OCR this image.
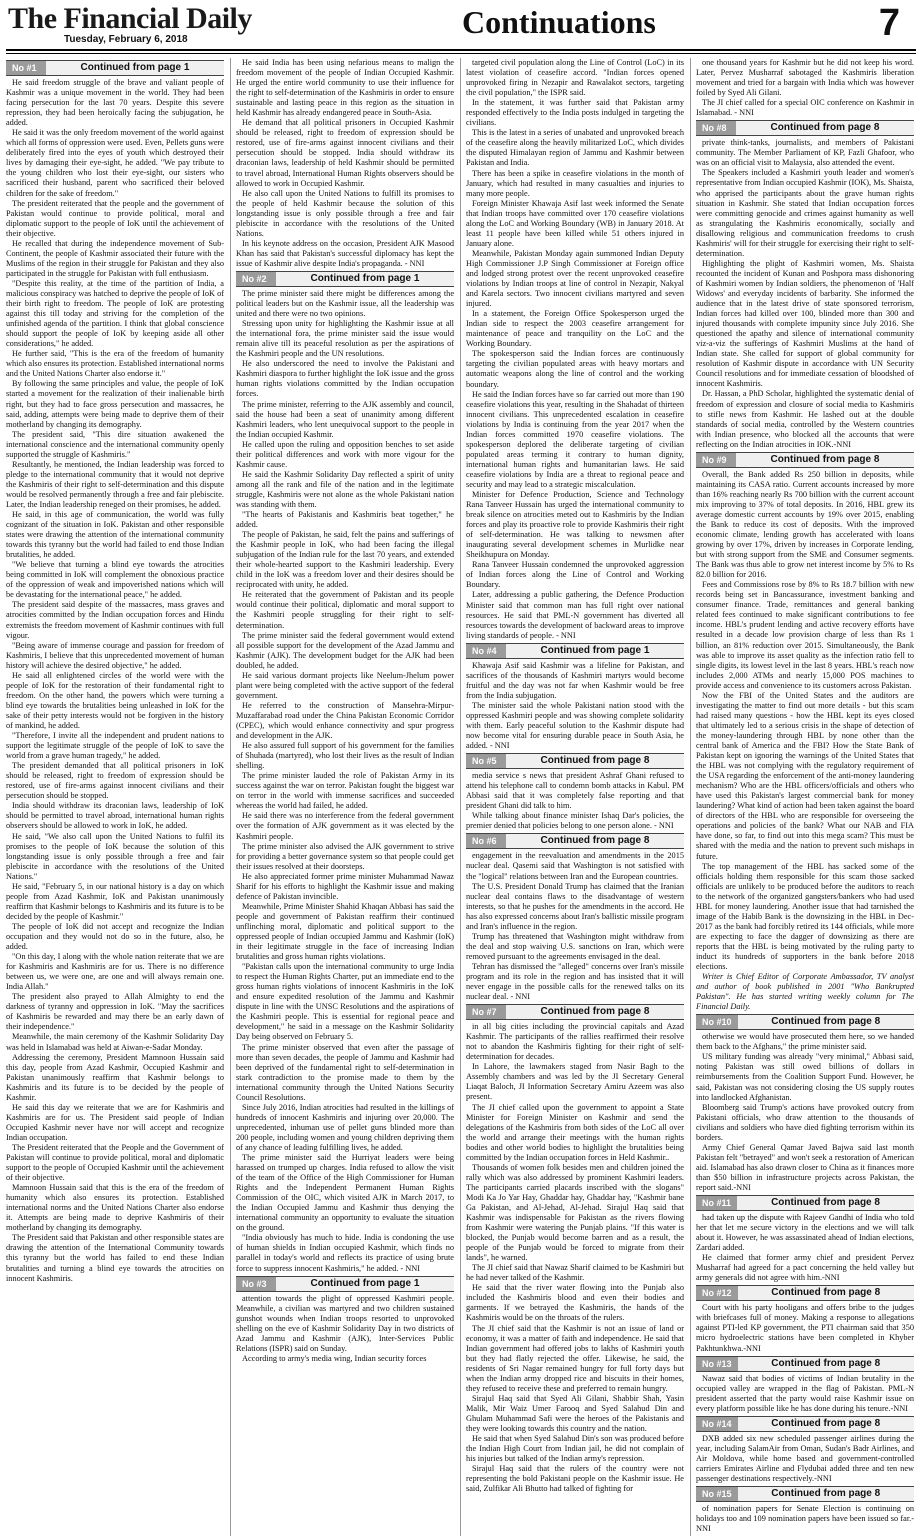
The Financial Daily
Tuesday, February 6, 2018	Continuations	7
No #1	Continued from page 1

He said freedom struggle of the brave and valiant people of Kashmir was a unique movement in the world. They had been facing persecution for the last 70 years. Despite this severe repression, they had been heroically facing the subjugation, he added.

He said it was the only freedom movement of the world against which all forms of oppression were used. Even, Pellets guns were deliberately fired into the eyes of youth which destroyed their lives by damaging their eye-sight, he added. "We pay tribute to the young children who lost their eye-sight, our sisters who sacrificed their husband, parent who sacrificed their beloved children for the sake of freedom."

The president reiterated that the people and the government of Pakistan would continue to provide political, moral and diplomatic support to the people of IoK until the achievement of their objective.

He recalled that during the independence movement of Sub-Continent, the people of Kashmir associated their future with the Muslims of the region in their struggle for Pakistan and they also participated in the struggle for Pakistan with full enthusiasm.

"Despite this reality, at the time of the partition of India, a malicious conspiracy was hatched to deprive the people of IoK of their birth right to freedom. The people of IoK are protesting against this till today and striving for the completion of the unfinished agenda of the partition. I think that global conscience should support the people of IoK by keeping aside all other considerations," he added.

He further said, "This is the era of the freedom of humanity which also ensures its protection. Established international norms and the United Nations Charter also endorse it."

By following the same principles and value, the people of IoK started a movement for the realization of their inalienable birth right, but they had to face gross persecution and massacres, he said, adding, attempts were being made to deprive them of their motherland by changing its demography.

The president said, "This dire situation awakened the international conscience and the international community openly supported the struggle of Kashmiris."

Resultantly, he mentioned, the Indian leadership was forced to pledge to the international community that it would not deprive the Kashmiris of their right to self-determination and this dispute would be resolved permanently through a free and fair plebiscite. Later, the Indian leadership reneged on their promises, he added.

He said, in this age of communication, the world was fully cognizant of the situation in IoK. Pakistan and other responsible states were drawing the attention of the international community towards this tyranny but the world had failed to end those Indian brutalities, he added.

"We believe that turning a blind eye towards the atrocities being committed in IoK will complement the obnoxious practice of the oppression of weak and impoverished nations which will be devastating for the international peace," he added.

The president said despite of the massacres, mass graves and atrocities committed by the Indian occupation forces and Hindu extremists the freedom movement of Kashmir continues with full vigour.

"Being aware of immense courage and passion for freedom of Kashmiris, I believe that this unprecedented movement of human history will achieve the desired objective," he added.

He said all enlightened circles of the world were with the people of IoK for the restoration of their fundamental right to freedom. On the other hand, the powers which were turning a blind eye towards the brutalities being unleashed in IoK for the sake of their petty interests would not be forgiven in the history of mankind, he added.

"Therefore, I invite all the independent and prudent nations to support the legitimate struggle of the people of IoK to save the world from a grave human tragedy," he added.

The president demanded that all political prisoners in IoK should be released, right to freedom of expression should be restored, use of fire-arms against innocent civilians and their persecution should be stopped.

India should withdraw its draconian laws, leadership of IoK should be permitted to travel abroad, international human rights observers should be allowed to work in IoK, he added.

He said, "We also call upon the United Nations to fulfil its promises to the people of IoK because the solution of this longstanding issue is only possible through a free and fair plebiscite in accordance with the resolutions of the United Nations."

He said, "February 5, in our national history is a day on which people from Azad Kashmir, IoK and Pakistan unanimously reaffirm that Kashmir belongs to Kashmiris and its future is to be decided by the people of Kashmir."

The people of IoK did not accept and recognize the Indian occupation and they would not do so in the future, also, he added.

"On this day, I along with the whole nation reiterate that we are for Kashmiris and Kashmiris are for us. There is no difference between us, we were one, are one and will always remain one. India Allah."

The president also prayed to Allah Almighty to end the darkness of tyranny and oppression in IoK. "May the sacrifices of Kashmiris be rewarded and may there be an early dawn of their independence."

Meanwhile, the main ceremony of the Kashmir Solidarity Day was held in Islamabad was held at Aiwan-e-Sadar Monday.

Addressing the ceremony, President Mamnoon Hussain said this day, people from Azad Kashmir, Occupied Kashmir and Pakistan unanimously reaffirm that Kashmir belongs to Kashmiris and its future is to be decided by the people of Kashmir.

He said this day we reiterate that we are for Kashmiris and Kashmiris are for us. The President said people of Indian Occupied Kashmir never have nor will accept and recognize Indian occupation.

The President reiterated that the People and the Government of Pakistan will continue to provide political, moral and diplomatic support to the people of Occupied Kashmir until the achievement of their objective.

Mamnoon Hussain said that this is the era of the freedom of humanity which also ensures its protection. Established international norms and the United Nations Charter also endorse it. Attempts are being made to deprive Kashmiris of their motherland by changing its demography.

The President said that Pakistan and other responsible states are drawing the attention of the International Community towards this tyranny but the world has failed to end these Indian brutalities and turning a blind eye towards the atrocities on innocent Kashmiris.

He said India has been using nefarious means to malign the freedom movement of the people of Indian Occupied Kashmir. He urged the entire world community to use their influence for the right to self-determination of the Kashmiris in order to ensure sustainable and lasting peace in this region as the situation in held Kashmir has already endangered peace in South-Asia.

He demand that all political prisoners in Occupied Kashmir should be released, right to freedom of expression should be restored, use of fire-arms against innocent civilians and their persecution should be stopped. India should withdraw its draconian laws, leadership of held Kashmir should be permitted to travel abroad, International Human Rights observers should be allowed to work in Occupied Kashmir.

He also call upon the United Nations to fulfill its promises to the people of held Kashmir because the solution of this longstanding issue is only possible through a free and fair plebiscite in accordance with the resolutions of the United Nations.

In his keynote address on the occasion, President AJK Masood Khan has said that Pakistan's successful diplomacy has kept the issue of Kashmir alive despite India's propaganda. - NNI

No #2	Continued from page 1

The prime minister said there might be differences among the political leaders but on the Kashmir issue, all the leadership was united and there were no two opinions.

Stressing upon unity for highlighting the Kashmir issue at all the international fora, the prime minister said the issue would remain alive till its peaceful resolution as per the aspirations of the Kashmiri people and the UN resolutions.

He also underscored the need to involve the Pakistani and Kashmiri diaspora to further highlight the IoK issue and the gross human rights violations committed by the Indian occupation forces.

The prime minister, referring to the AJK assembly and council, said the house had been a seat of unanimity among different Kashmiri leaders, who lent unequivocal support to the people in the Indian occupied Kashmir.

He called upon the ruling and opposition benches to set aside their political differences and work with more vigour for the Kashmir cause.

He said the Kashmir Solidarity Day reflected a spirit of unity among all the rank and file of the nation and in the legitimate struggle, Kashmiris were not alone as the whole Pakistani nation was standing with them.

"The hearts of Pakistanis and Kashmiris beat together," he added.

The people of Pakistan, he said, felt the pains and sufferings of the Kashmir people in IoK, who had been facing the illegal subjugation of the Indian rule for the last 70 years, and extended their whole-hearted support to the Kashmiri leadership. Every child in the IoK was a freedom lover and their desires should be reciprocated with unity, he added.

He reiterated that the government of Pakistan and its people would continue their political, diplomatic and moral support to the Kashmiri people struggling for their right to self-determination.

The prime minister said the federal government would extend all possible support for the development of the Azad Jammu and Kashmir (AJK). The development budget for the AJK had been doubled, he added.

He said various dormant projects like Neelum-Jhelum power plant were being completed with the active support of the federal government.

He referred to the construction of Mansehra-Mirpur-Muzaffarabad road under the China Pakistan Economic Corridor (CPEC), which would enhance connectivity and spur progress and development in the AJK.

He also assured full support of his government for the families of Shuhada (martyred), who lost their lives as the result of Indian shelling.

The prime minister lauded the role of Pakistan Army in its success against the war on terror. Pakistan fought the biggest war on terror in the world with immense sacrifices and succeeded whereas the world had failed, he added.

He said there was no interference from the federal government over the formation of AJK government as it was elected by the Kashmiri people.

The prime minister also advised the AJK government to strive for providing a better governance system so that people could get their issues resolved at their doorsteps.

He also appreciated former prime minister Muhammad Nawaz Sharif for his efforts to highlight the Kashmir issue and making defence of Pakistan invincible.

Meanwhile, Prime Minister Shahid Khaqan Abbasi has said the people and government of Pakistan reaffirm their continued unflinching moral, diplomatic and political support to the oppressed people of Indian occupied Jammu and Kashmir (IoK) in their legitimate struggle in the face of increasing Indian brutalities and gross human rights violations.

"Pakistan calls upon the international community to urge India to respect the Human Rights Charter, put an immediate end to the gross human rights violations of innocent Kashmiris in the IoK and ensure expedited resolution of the Jammu and Kashmir dispute in line with the UNSC Resolutions and the aspirations of the Kashmiri people. This is essential for regional peace and development," he said in a message on the Kashmir Solidarity Day being observed on February 5.

The prime minister observed that even after the passage of more than seven decades, the people of Jammu and Kashmir had been deprived of the fundamental right to self-determination in stark contradiction to the promise made to them by the international community through the United Nations Security Council Resolutions.

Since July 2016, Indian atrocities had resulted in the killings of hundreds of innocent Kashmiris and injuring over 20,000. The unprecedented, inhuman use of pellet guns blinded more than 200 people, including women and young children depriving them of any chance of leading fulfilling lives, he added.

The prime minister said the Hurriyat leaders were being harassed on trumped up charges. India refused to allow the visit of the team of the Office of the High Commissioner for Human Rights and the Independent Permanent Human Rights Commission of the OIC, which visited AJK in March 2017, to the Indian Occupied Jammu and Kashmir thus denying the international community an opportunity to evaluate the situation on the ground.

"India obviously has much to hide. India is condoning the use of human shields in Indian occupied Kashmir, which finds no parallel in today's world and reflects its practice of using brute force to suppress innocent Kashmiris," he added. - NNI

No #3	Continued from page 1

attention towards the plight of oppressed Kashmiri people. Meanwhile, a civilian was martyred and two children sustained gunshot wounds when Indian troops resorted to unprovoked shelling on the eve of Kashmir Solidarity Day in two districts of Azad Jammu and Kashmir (AJK), Inter-Services Public Relations (ISPR) said on Sunday.

According to army's media wing, Indian security forces

targeted civil population along the Line of Control (LoC) in its latest violation of ceasefire accord. "Indian forces opened unprovoked firing in Nezapir and Rawalakot sectors, targeting the civil population," the ISPR said.

In the statement, it was further said that Pakistan army responded effectively to the India posts indulged in targeting the civilians.

This is the latest in a series of unabated and unprovoked breach of the ceasefire along the heavily militarized LoC, which divides the disputed Himalayan region of Jammu and Kashmir between Pakistan and India.

There has been a spike in ceasefire violations in the month of January, which had resulted in many casualties and injuries to many more people.

Foreign Minister Khawaja Asif last week informed the Senate that Indian troops have committed over 170 ceasefire violations along the LoC and Working Boundary (WB) in January 2018. At least 11 people have been killed while 51 others injured in January alone.

Meanwhile, Pakistan Monday again summoned Indian Deputy High Commissioner J.P Singh Commissioner at Foreign office and lodged strong protest over the recent unprovoked ceasefire violations by Indian troops at line of control in Nezapir, Nakyal and Karela sectors. Two innocent civilians martyred and seven injured.

In a statement, the Foreign Office Spokesperson urged the Indian side to respect the 2003 ceasefire arrangement for maintenance of peace and tranquility on the LoC and the Working Boundary.

The spokesperson said the Indian forces are continuously targeting the civilian populated areas with heavy mortars and automatic weapons along the line of control and the working boundary.

He said the Indian forces have so far carried out more than 190 ceasefire violations this year, resulting in the Shahadat of thirteen innocent civilians. This unprecedented escalation in ceasefire violations by India is continuing from the year 2017 when the Indian forces committed 1970 ceasefire violations. The spokesperson deplored the deliberate targeting of civilian populated areas terming it contrary to human dignity, international human rights and humanitarian laws. He said ceasefire violations by India are a threat to regional peace and security and may lead to a strategic miscalculation.

Minister for Defence Production, Science and Technology Rana Tanveer Hussain has urged the international community to break silence on atrocities meted out to Kashmiris by the Indian forces and play its proactive role to provide Kashmiris their right of self-determination. He was talking to newsmen after inaugurating several development schemes in Murlidke near Sheikhupura on Monday.

Rana Tanveer Hussain condemned the unprovoked aggression of Indian forces along the Line of Control and Working Boundary.

Later, addressing a public gathering, the Defence Production Minister said that common man has full right over national resources. He said that PML-N government has diverted all resources towards the development of backward areas to improve living standards of people. - NNI

No #4	Continued from page 1

Khawaja Asif said Kashmir was a lifeline for Pakistan, and sacrifices of the thousands of Kashmiri martyrs would become fruitful and the day was not far when Kashmir would be free from the India subjugation.

The minister said the whole Pakistani nation stood with the oppressed Kashmiri people and was showing complete solidarity with them. Early peaceful solution to the Kashmir dispute had now become vital for ensuring durable peace in South Asia, he added. - NNI

No #5	Continued from page 8

media service s news that president Ashraf Ghani refused to attend his telephone call to condemn bomb attacks in Kabul. PM Abbasi said that it was completely false reporting and that president Ghani did talk to him.

While talking about finance minister Ishaq Dar's policies, the premier denied that policies belong to one person alone. - NNI

No #6	Continued from page 8

engagement in the reevaluation and amendments in the 2015 nuclear deal. Qasemi said that Washington is not satisfied with the "logical" relations between Iran and the European countries.

The U.S. President Donald Trump has claimed that the Iranian nuclear deal contains flaws to the disadvantage of western interests, so that he pushes for the amendments in the accord. He has also expressed concerns about Iran's ballistic missile program and Iran's influence in the region.

Trump has threatened that Washington might withdraw from the deal and stop waiving U.S. sanctions on Iran, which were removed pursuant to the agreements envisaged in the deal.

Tehran has dismissed the "alleged" concerns over Iran's missile program and its role in the region and has insisted that it will never engage in the possible calls for the renewed talks on its nuclear deal. - NNI

No #7	Continued from page 8

in all big cities including the provincial capitals and Azad Kashmir. The participants of the rallies reaffirmed their resolve not to abandon the Kashmiris fighting for their right of self-determination for decades.

In Lahore, the lawmakers staged from Nasir Bagh to the Assembly chambers and was led by the JI Secretary General Liaqat Baloch, JI Information Secretary Amiru Azeem was also present.

The JI chief called upon the government to appoint a State Minister for Foreign Minister on Kashmir and send the delegations of the Kashmiris from both sides of the LoC all over the world and arrange their meetings with the human rights bodies and other world bodies to highlight the brutalities being committed by the Indian occupation forces in Held Kashmir..

Thousands of women folk besides men and children joined the rally which was also addressed by prominent Kashmiri leaders. The participants carried placards inscribed with the slogans" Modi Ka Jo Yar Hay, Ghaddar hay, Ghaddar hay, "Kashmir bane Ga Pakistan, and Al-Jehad, Al-Jehad. Sirajul Haq said that Kashmir was indispensable for Pakistan as the rivers flowing from Kashmir were watering the Punjab plains. "If this water is blocked, the Punjab would become barren and as a result, the people of the Punjab would be forced to migrate from their lands", he warned.

The JI chief said that Nawaz Sharif claimed to be Kashmiri but he had never talked of the Kashmir.

He said that the river water flowing into the Punjab also included the Kashmiris blood and even their bodies and garments. If we betrayed the Kashmiris, the hands of the Kashmiris would be on the throats of the rulers.

The JI chief said that the Kashmir is not an issue of land or economy, it was a matter of faith and independence. He said that Indian government had offered jobs to lakhs of Kashmiri youth but they had flatly rejected the offer. Likewise, he said, the residents of Sri Nagar remained hungry for full forty days but when the Indian army dropped rice and biscuits in their homes, they refused to receive these and preferred to remain hungry.

Sirajul Haq said that Syed Ali Gilani, Shabbir Shah, Yasin Malik, Mir Waiz Umer Farooq and Syed Salahud Din and Ghulam Muhammad Safi were the heroes of the Pakistanis and they were looking towards this country and the nation.

He said that when Syed Salahud Din's son was produced before the Indian High Court from Indian jail, he did not complain of his injuries but talked of the Indian army's repression.

Sirajul Haq said that the rulers of the country were not representing the bold Pakistani people on the Kashmir issue. He said, Zulfikar Ali Bhutto had talked of fighting for

one thousand years for Kashmir but he did not keep his word. Later, Pervez Musharraf sabotaged the Kashmiris liberation movement and tried for a bargain with India which was however foiled by Syed Ali Gilani.

The JI chief called for a special OIC conference on Kashmir in Islamabad. - NNI

No #8	Continued from page 8

private think-tanks, journalists, and members of Pakistani community. The Member Parliament of KP, Fazli Ghafoor, who was on an official visit to Malaysia, also attended the event.

The Speakers included a Kashmiri youth leader and women's representative from Indian occupied Kashmir (IOK), Ms. Shaista, who apprised the participants about the grave human rights situation in Kashmir. She stated that Indian occupation forces were committing genocide and crimes against humanity as well as strangulating the Kashmiris economically, socially and disallowing religious and communication freedoms to crush Kashmiris' will for their struggle for exercising their right to self-determination.

Highlighting the plight of Kashmiri women, Ms. Shaista recounted the incident of Kunan and Poshpora mass dishonoring of Kashmiri women by Indian soldiers, the phenomenon of 'Half Widows' and everyday incidents of barbarity. She informed the audience that in the latest drive of state sponsored terrorism, Indian forces had killed over 100, blinded more than 300 and injured thousands with complete impunity since July 2016. She questioned the apathy and silence of international community viz-a-viz the sufferings of Kashmiri Muslims at the hand of Indian state. She called for support of global community for resolution of Kashmir dispute in accordance with UN Security Council resolutions and for immediate cessation of bloodshed of innocent Kashmiris.

Dr. Hassan, a PhD Scholar, highlighted the systematic denial of freedom of expression and closure of social media to Kashmiris to stifle news from Kashmir. He lashed out at the double standards of social media, controlled by the Western countries with Indian presence, who blocked all the accounts that were reflecting on the Indian atrocities in IOK.-NNI

No #9	Continued from page 8

Overall, the Bank added Rs 250 billion in deposits, while maintaining its CASA ratio. Current accounts increased by more than 16% reaching nearly Rs 700 billion with the current account mix improving to 37% of total deposits. In 2016, HBL grew its average domestic current accounts by 19% over 2015, enabling the Bank to reduce its cost of deposits. With the improved economic climate, lending growth has accelerated with loans growing by over 17%, driven by increases in Corporate lending, but with strong support from the SME and Consumer segments. The Bank was thus able to grow net interest income by 5% to Rs 82.0 billion for 2016.

Fees and Commissions rose by 8% to Rs 18.7 billion with new records being set in Bancassurance, investment banking and consumer finance. Trade, remittances and general banking related fees continued to make significant contributions to fee income. HBL's prudent lending and active recovery efforts have resulted in a decade low provision charge of less than Rs 1 billion, an 81% reduction over 2015. Simultaneously, the Bank was able to improve its asset quality as the infection ratio fell to single digits, its lowest level in the last 8 years. HBL's reach now includes 2,000 ATMs and nearly 15,000 POS machines to provide access and convenience to its customers across Pakistan.

Now the FBI of the United States and the auditors are investigating the matter to find out more details - but this scam had raised many questions - how the HBL kept its eyes closed that ultimately led to a serious crisis in the shape of detection of the money-laundering through HBL by none other than the central bank of America and the FBI? How the State Bank of Pakistan kept on ignoring the warnings of the United States that the HBL was not complying with the regulatory requirement of the USA regarding the enforcement of the anti-money laundering mechanism? Who are the HBL officers/officials and others who have used this Pakistan's largest commercial bank for money laundering? What kind of action had been taken against the board of directors of the HBL who are responsible for overseeing the operations and policies of the bank? What our NAB and FIA have done, so far, to find out into this mega scam? This must be shared with the media and the nation to prevent such mishaps in future.

The top management of the HBL has sacked some of the officials holding them responsible for this scam those sacked officials are unlikely to be produced before the auditors to reach to the network of the organized gangsters/bankers who had used HBL for money laundering. Another issue that had tarnished the image of the Habib Bank is the downsizing in the HBL in Dec-2017 as the bank had forcibly retired its 144 officials, while more are expecting to face the dagger of downsizing as there are reports that the HBL is being motivated by the ruling party to induct its hundreds of supporters in the bank before 2018 elections.

Writer is Chief Editor of Corporate Ambassador, TV analyst and author of book published in 2001 "Who Bankrupted Pakistan". He has started writing weekly column for The Financial Daily.

No #10	Continued from page 8

otherwise we would have prosecuted them here, so we handed them back to the Afghans," the prime minister said.

US military funding was already "very minimal," Abbasi said, noting Pakistan was still owed billions of dollars in reimbursements from the Coalition Support Fund. However, he said, Pakistan was not considering closing the US supply routes into landlocked Afghanistan.

Bloomberg said Trump's actions have provoked outcry from Pakistani officials, who draw attention to the thousands of civilians and soldiers who have died fighting terrorism within its borders.

Army Chief General Qamar Javed Bajwa said last month Pakistan felt "betrayed" and won't seek a restoration of American aid. Islamabad has also drawn closer to China as it finances more than $50 billion in infrastructure projects across Pakistan, the report said.-NNI

No #11	Continued from page 8

had taken up the dispute with Rajeev Gandhi of India who told her that let me secure victory in the elections and we will talk about it. However, he was assassinated ahead of Indian elections, Zardari added.

He claimed that former army chief and president Pervez Musharraf had agreed for a pact concerning the held valley but army generals did not agree with him.-NNI

No #12	Continued from page 8

Court with his party hooligans and offers bribe to the judges with briefcases full of money. Making a response to allegations against PTI-led KP government, the PTI chairman said that 350 micro hydroelectric stations have been completed in Khyber Pakhtunkhwa.-NNI

No #13	Continued from page 8

Nawaz said that bodies of victims of Indian brutality in the occupied valley are wrapped in the flag of Pakistan. PML-N president asserted that the party would raise Kashmir issue on every platform possible like he has done during his tenure.-NNI

No #14	Continued from page 8

DXB added six new scheduled passenger airlines during the year, including SalamAir from Oman, Sudan's Badr Airlines, and Air Moldova, while home based and government-controlled carriers Emirates Airline and Flydubai added three and ten new passenger destinations respectively.-NNI

No #15	Continued from page 8

of nomination papers for Senate Election is continuing on holidays too and 109 nomination papers have been issued so far.-NNI
